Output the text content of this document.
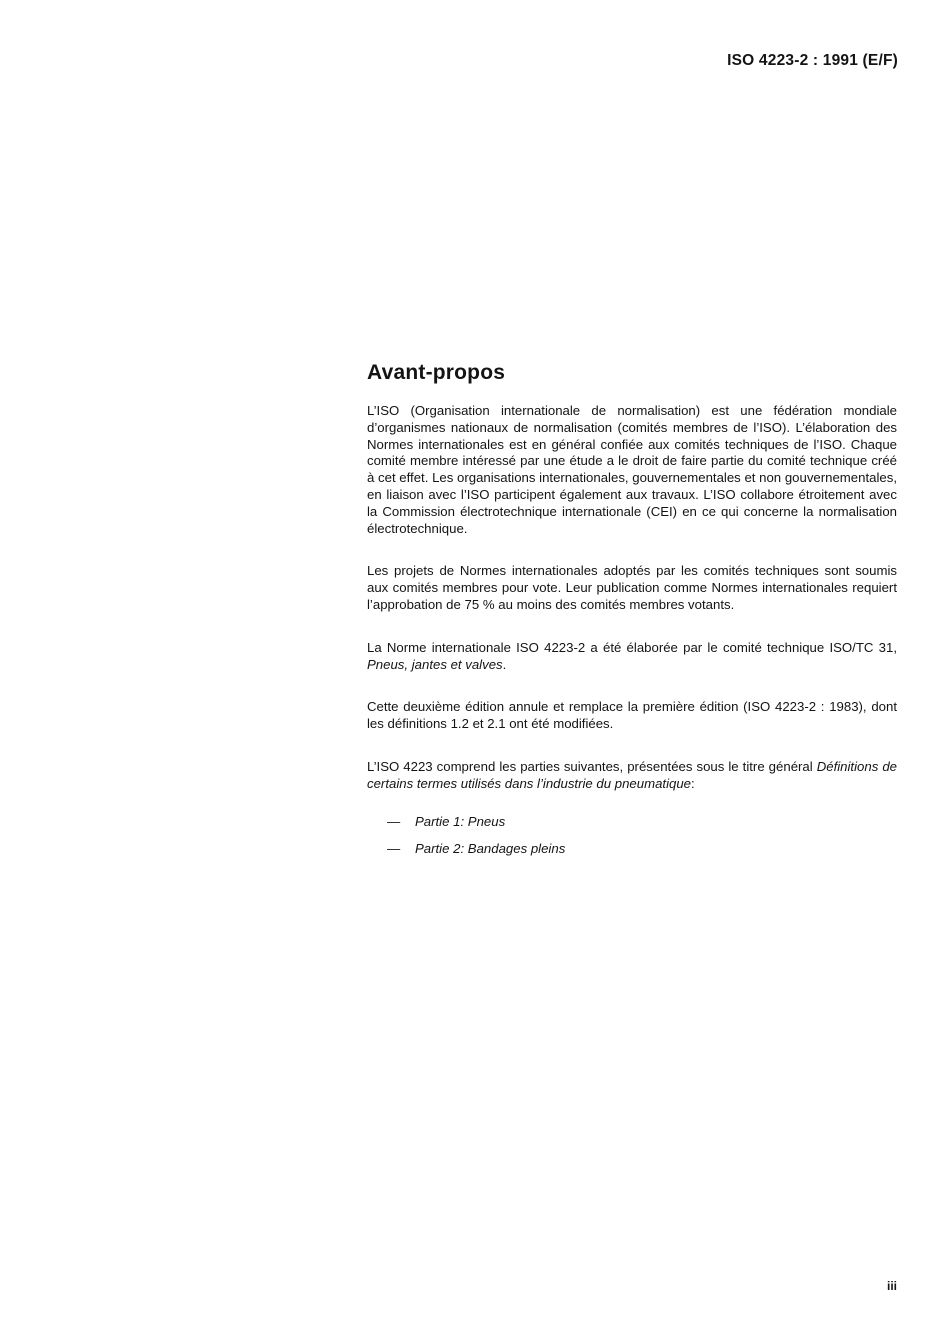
ISO 4223-2 : 1991 (E/F)
Avant-propos

L’ISO (Organisation internationale de normalisation) est une fédération mondiale d’organismes nationaux de normalisation (comités membres de l’ISO). L’élaboration des Normes internationales est en général confiée aux comités techniques de l’ISO. Chaque comité membre intéressé par une étude a le droit de faire partie du comité technique créé à cet effet. Les organisations internationales, gouvernementales et non gouvernementales, en liaison avec l’ISO participent également aux travaux. L’ISO collabore étroitement avec la Commission électrotechnique internationale (CEI) en ce qui concerne la normalisation électrotechnique.

Les projets de Normes internationales adoptés par les comités techniques sont soumis aux comités membres pour vote. Leur publication comme Normes internationales requiert l’approbation de 75 % au moins des comités membres votants.

La Norme internationale ISO 4223-2 a été élaborée par le comité technique ISO/TC 31, Pneus, jantes et valves.

Cette deuxième édition annule et remplace la première édition (ISO 4223-2 : 1983), dont les définitions 1.2 et 2.1 ont été modifiées.

L’ISO 4223 comprend les parties suivantes, présentées sous le titre général Définitions de certains termes utilisés dans l’industrie du pneumatique:

— Partie 1: Pneus
— Partie 2: Bandages pleins
iii
